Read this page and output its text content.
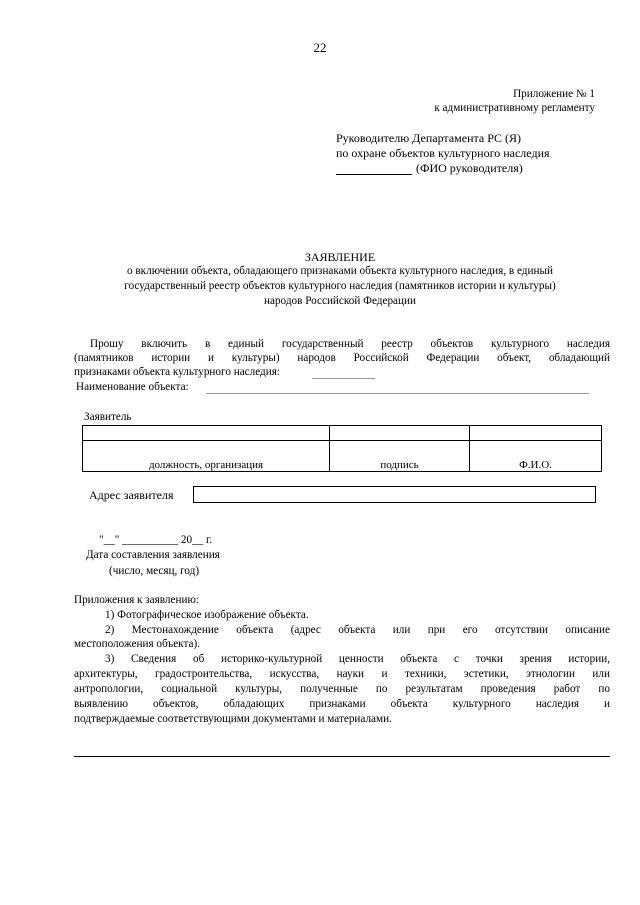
22
Приложение № 1
к административному регламенту
Руководителю Департамента РС (Я)
по охране объектов культурного наследия
(ФИО руководителя)
ЗАЯВЛЕНИЕ
о включении объекта, обладающего признаками объекта культурного наследия, в единый
государственный реестр объектов культурного наследия (памятников истории и культуры)
народов Российской Федерации
Прошу включить в единый государственный реестр объектов культурного наследия
(памятников истории и культуры) народов Российской Федерации объект, обладающий
признаками объекта культурного наследия:
Наименование объекта:
Заявитель

должность, организация	подпись	Ф.И.О.
Адрес заявителя
"__" __________ 20__ г.
Дата составления заявления
(число, месяц, год)
Приложения к заявлению:
1) Фотографическое изображение объекта.
2) Местонахождение объекта (адрес объекта или при его отсутствии описание
местоположения объекта).
3) Сведения об историко-культурной ценности объекта с точки зрения истории,
архитектуры, градостроительства, искусства, науки и техники, эстетики, этнологии или
антропологии, социальной культуры, полученные по результатам проведения работ по
выявлению объектов, обладающих признаками объекта культурного наследия и
подтверждаемые соответствующими документами и материалами.
